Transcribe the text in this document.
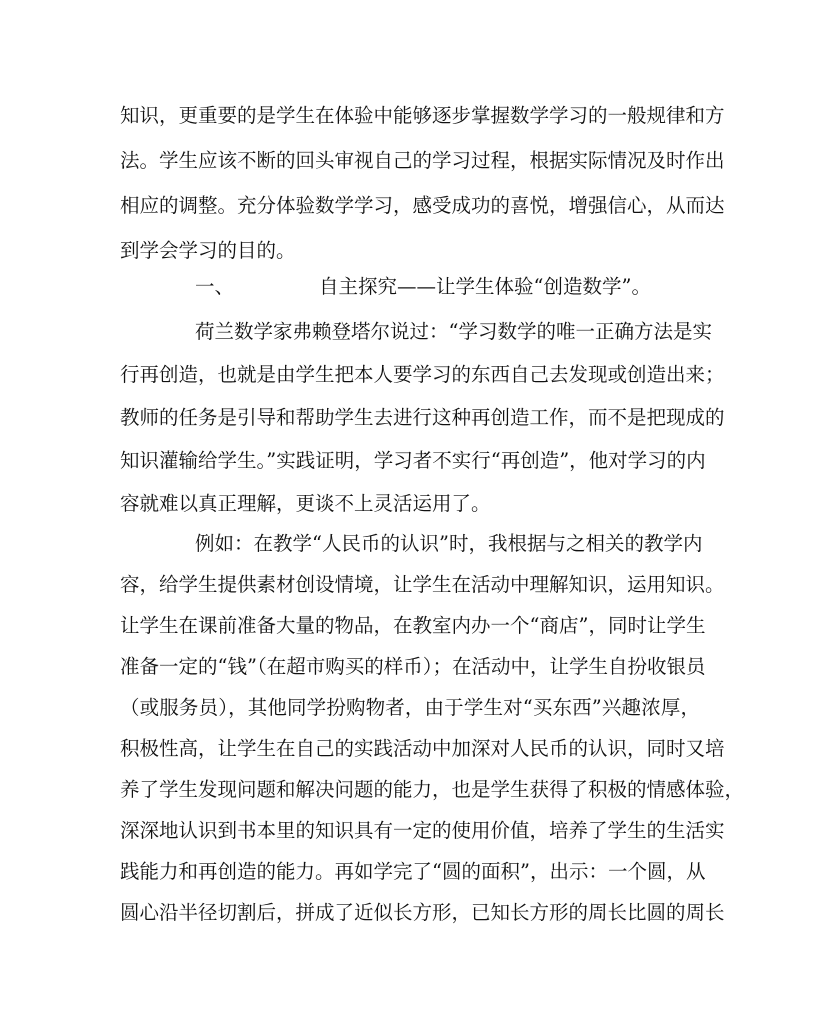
知识，更重要的是学生在体验中能够逐步掌握数学学习的一般规律和方
法。学生应该不断的回头审视自己的学习过程，根据实际情况及时作出
相应的调整。充分体验数学学习，感受成功的喜悦，增强信心，从而达
到学会学习的目的。
一、	自主探究——让学生体验“创造数学”。
荷兰数学家弗赖登塔尔说过：“学习数学的唯一正确方法是实
行再创造，也就是由学生把本人要学习的东西自己去发现或创造出来；
教师的任务是引导和帮助学生去进行这种再创造工作，而不是把现成的
知识灌输给学生。”实践证明，学习者不实行“再创造”，他对学习的内
容就难以真正理解，更谈不上灵活运用了。
例如：在教学“人民币的认识”时，我根据与之相关的教学内
容，给学生提供素材创设情境，让学生在活动中理解知识，运用知识。
让学生在课前准备大量的物品，在教室内办一个“商店”，同时让学生
准备一定的“钱”（在超市购买的样币）；在活动中，让学生自扮收银员
（或服务员），其他同学扮购物者，由于学生对“买东西”兴趣浓厚，
积极性高，让学生在自己的实践活动中加深对人民币的认识，同时又培
养了学生发现问题和解决问题的能力，也是学生获得了积极的情感体验，
深深地认识到书本里的知识具有一定的使用价值，培养了学生的生活实
践能力和再创造的能力。再如学完了“圆的面积”，出示：一个圆，从
圆心沿半径切割后，拼成了近似长方形，已知长方形的周长比圆的周长
